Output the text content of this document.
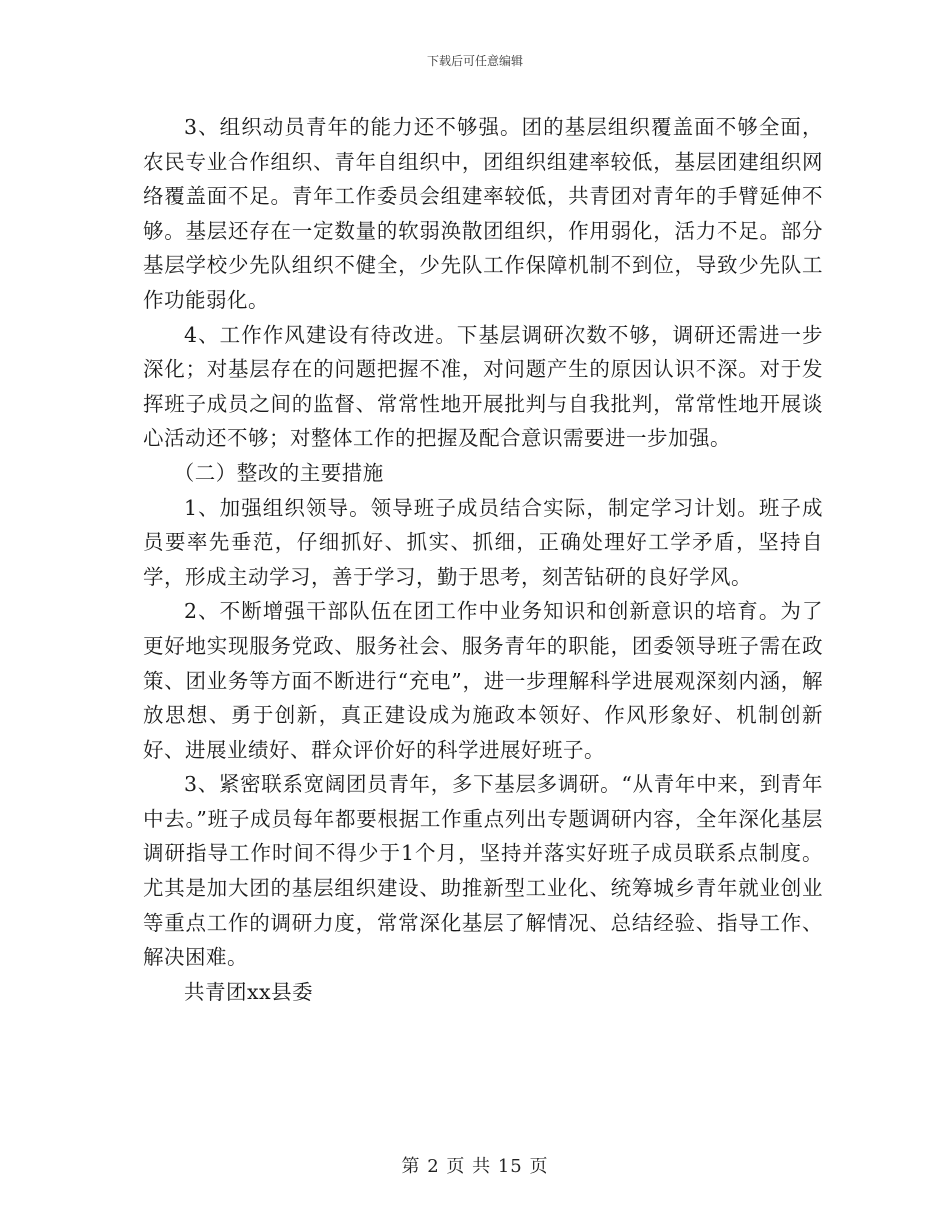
下载后可任意编辑

3、组织动员青年的能力还不够强。团的基层组织覆盖面不够全面，农民专业合作组织、青年自组织中，团组织组建率较低，基层团建组织网络覆盖面不足。青年工作委员会组建率较低，共青团对青年的手臂延伸不够。基层还存在一定数量的软弱涣散团组织，作用弱化，活力不足。部分基层学校少先队组织不健全，少先队工作保障机制不到位，导致少先队工作功能弱化。

4、工作作风建设有待改进。下基层调研次数不够，调研还需进一步深化；对基层存在的问题把握不准，对问题产生的原因认识不深。对于发挥班子成员之间的监督、常常性地开展批判与自我批判，常常性地开展谈心活动还不够；对整体工作的把握及配合意识需要进一步加强。

（二）整改的主要措施

1、加强组织领导。领导班子成员结合实际，制定学习计划。班子成员要率先垂范，仔细抓好、抓实、抓细，正确处理好工学矛盾，坚持自学，形成主动学习，善于学习，勤于思考，刻苦钻研的良好学风。

2、不断增强干部队伍在团工作中业务知识和创新意识的培育。为了更好地实现服务党政、服务社会、服务青年的职能，团委领导班子需在政策、团业务等方面不断进行“充电”，进一步理解科学进展观深刻内涵，解放思想、勇于创新，真正建设成为施政本领好、作风形象好、机制创新好、进展业绩好、群众评价好的科学进展好班子。

3、紧密联系宽阔团员青年，多下基层多调研。“从青年中来，到青年中去。”班子成员每年都要根据工作重点列出专题调研内容，全年深化基层调研指导工作时间不得少于1个月，坚持并落实好班子成员联系点制度。尤其是加大团的基层组织建设、助推新型工业化、统筹城乡青年就业创业等重点工作的调研力度，常常深化基层了解情况、总结经验、指导工作、解决困难。

共青团xx县委

第 2 页 共 15 页
